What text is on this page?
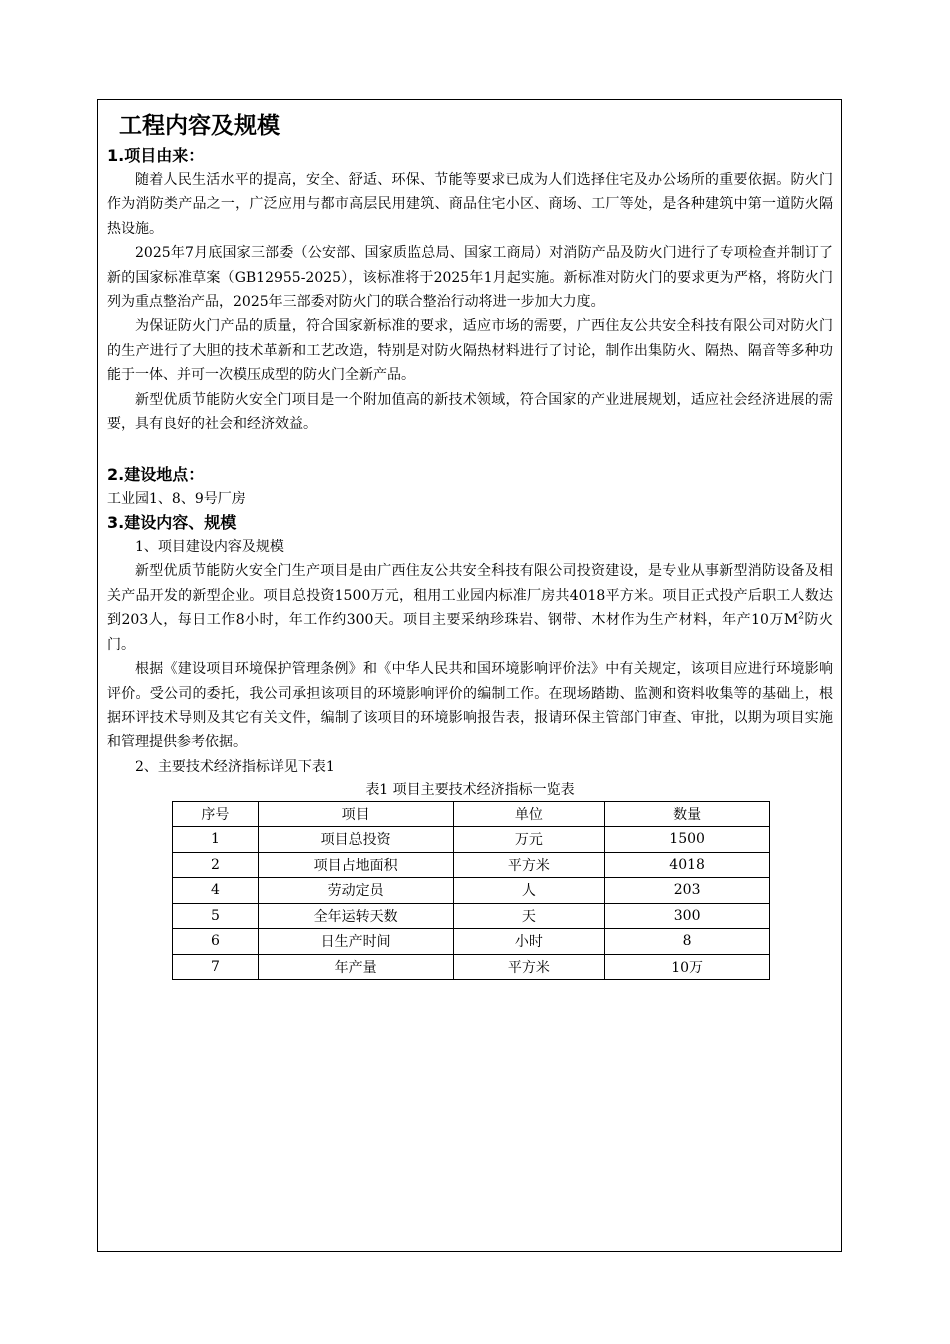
工程内容及规模

1.项目由来：

随着人民生活水平的提高，安全、舒适、环保、节能等要求已成为人们选择住宅及办公场所的重要依据。防火门作为消防类产品之一，广泛应用与都市高层民用建筑、商品住宅小区、商场、工厂等处，是各种建筑中第一道防火隔热设施。

2025年7月底国家三部委（公安部、国家质监总局、国家工商局）对消防产品及防火门进行了专项检查并制订了新的国家标准草案（GB12955-2025），该标准将于2025年1月起实施。新标准对防火门的要求更为严格，将防火门列为重点整治产品，2025年三部委对防火门的联合整治行动将进一步加大力度。

为保证防火门产品的质量，符合国家新标准的要求，适应市场的需要，广西住友公共安全科技有限公司对防火门的生产进行了大胆的技术革新和工艺改造，特别是对防火隔热材料进行了讨论，制作出集防火、隔热、隔音等多种功能于一体、并可一次模压成型的防火门全新产品。

新型优质节能防火安全门项目是一个附加值高的新技术领域，符合国家的产业进展规划，适应社会经济进展的需要，具有良好的社会和经济效益。

2.建设地点：

工业园1、8、9号厂房

3.建设内容、规模

1、项目建设内容及规模

新型优质节能防火安全门生产项目是由广西住友公共安全科技有限公司投资建设，是专业从事新型消防设备及相关产品开发的新型企业。项目总投资1500万元，租用工业园内标准厂房共4018平方米。项目正式投产后职工人数达到203人，每日工作8小时，年工作约300天。项目主要采纳珍珠岩、钢带、木材作为生产材料，年产10万$M^2$防火门。

根据《建设项目环境保护管理条例》和《中华人民共和国环境影响评价法》中有关规定，该项目应进行环境影响评价。受公司的委托，我公司承担该项目的环境影响评价的编制工作。在现场踏勘、监测和资料收集等的基础上，根据环评技术导则及其它有关文件，编制了该项目的环境影响报告表，报请环保主管部门审查、审批，以期为项目实施和管理提供参考依据。

2、主要技术经济指标详见下表1

表1 项目主要技术经济指标一览表

序号	项目	单位	数量
1	项目总投资	万元	1500
2	项目占地面积	平方米	4018
4	劳动定员	人	203
5	全年运转天数	天	300
6	日生产时间	小时	8
7	年产量	平方米	10万
